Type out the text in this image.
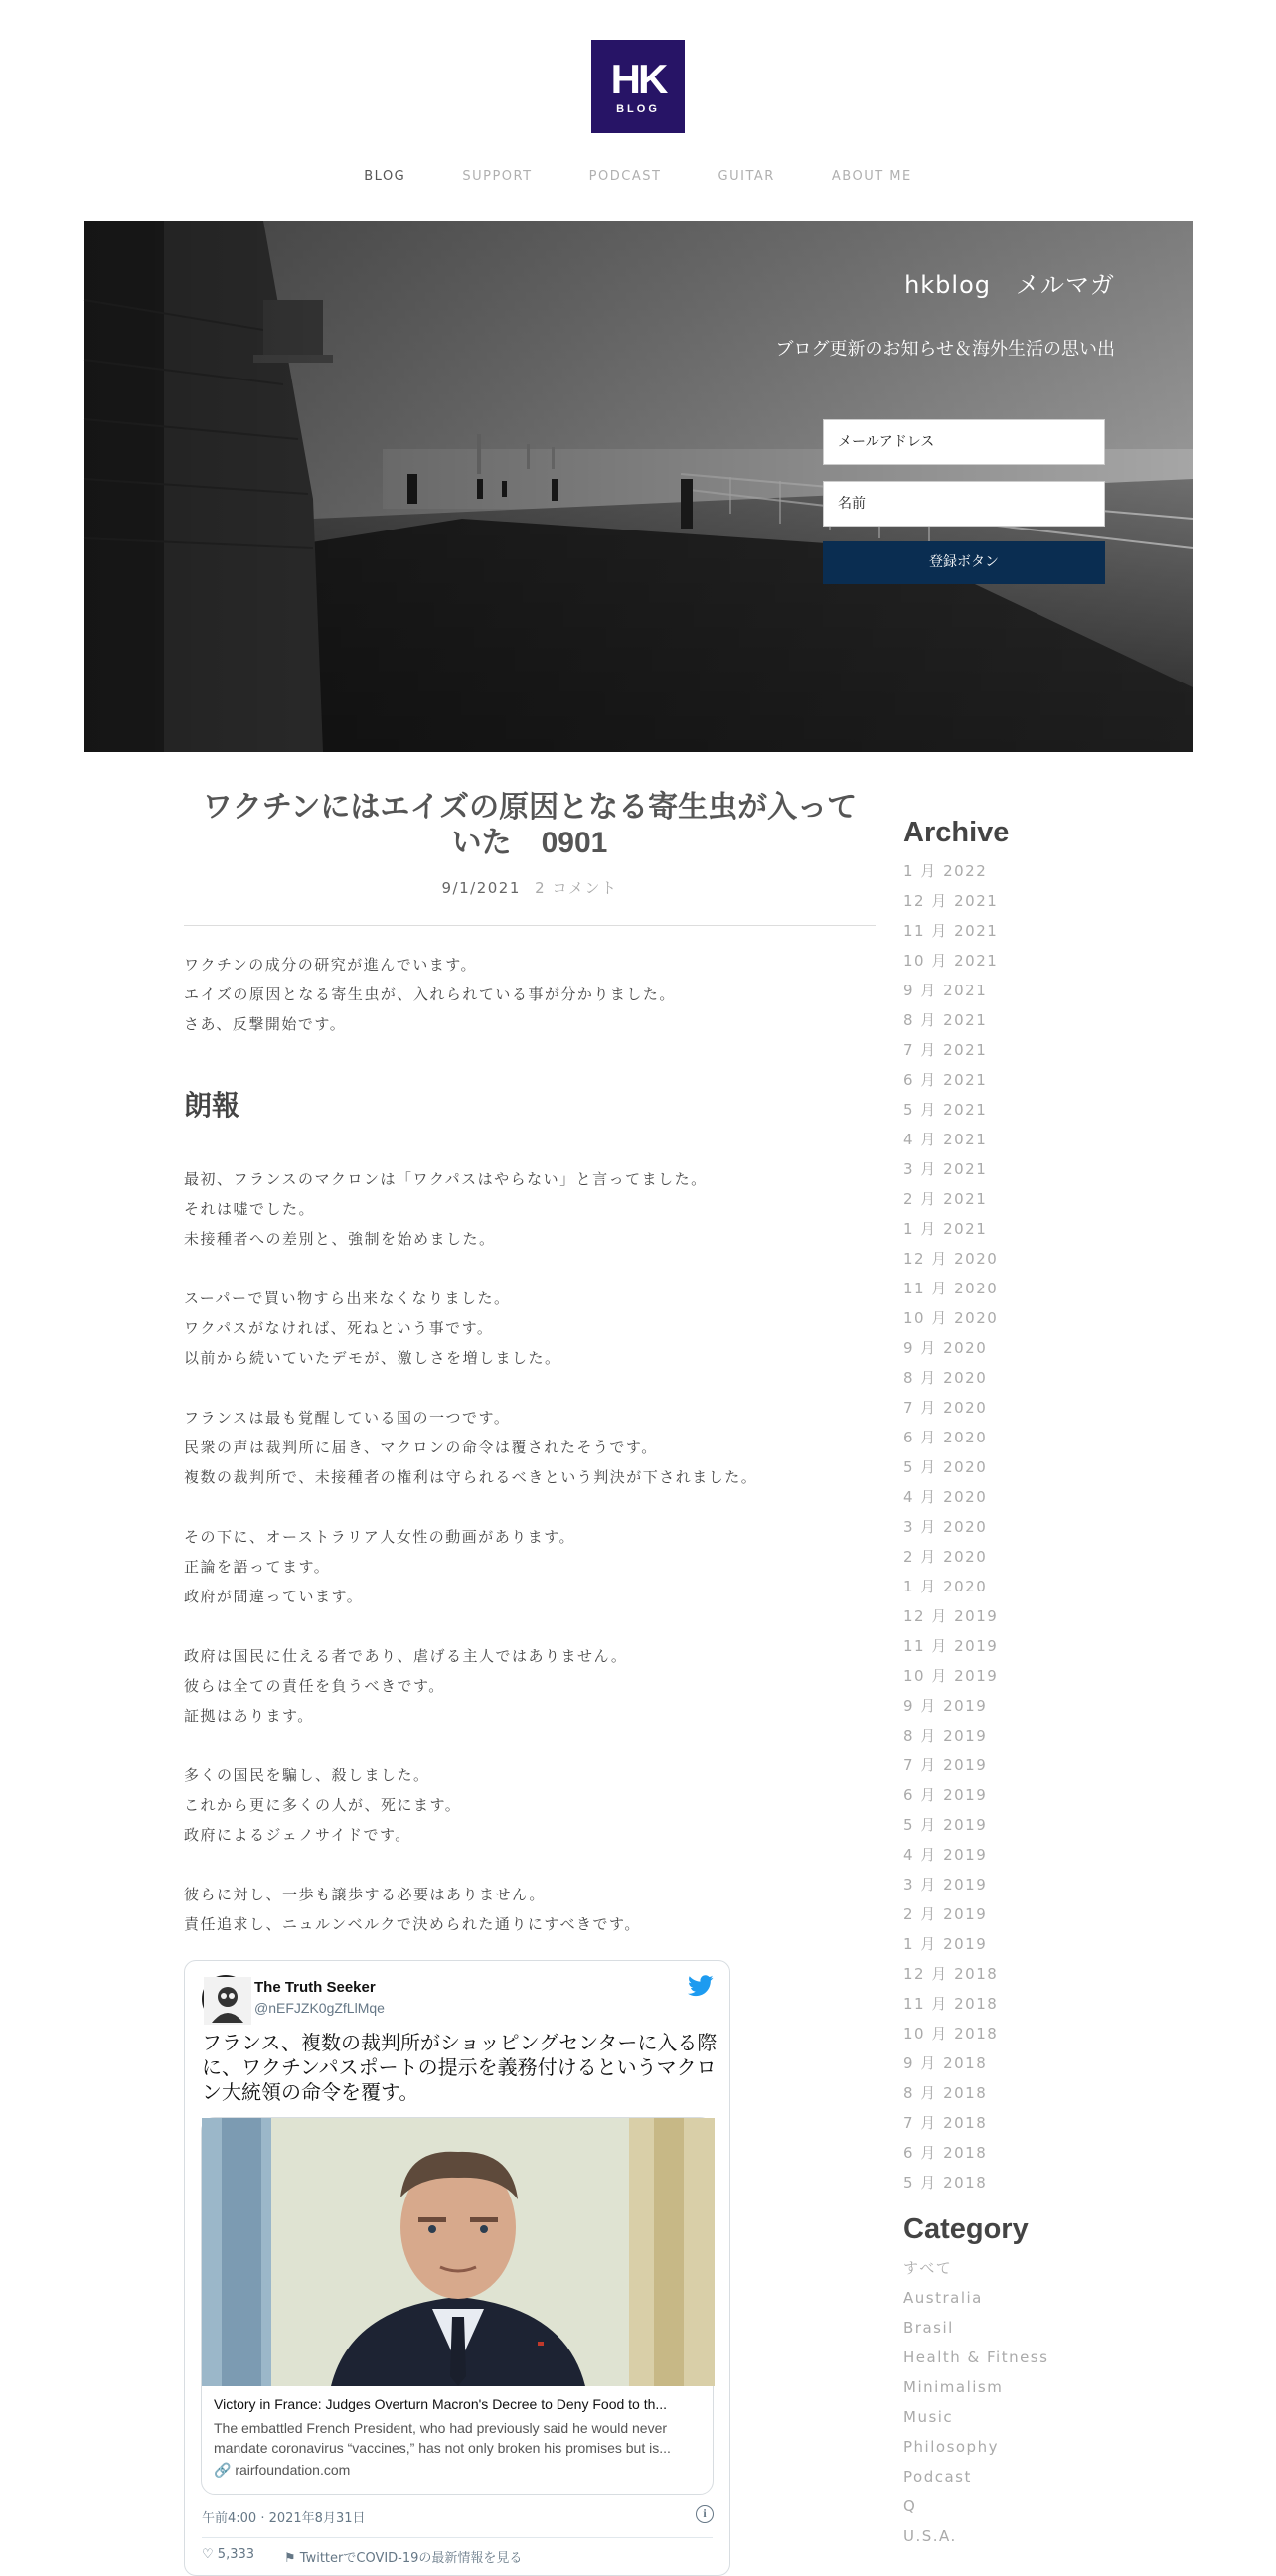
HK
BLOG
BLOG	SUPPORT	PODCAST	GUITAR	ABOUT ME
hkblog　メルマガ
ブログ更新のお知らせ＆海外生活の思い出
メールアドレス
名前
登録ボタン
ワクチンにはエイズの原因となる寄生虫が入っていた　0901
9/1/2021 2 コメント
ワクチンの成分の研究が進んでいます。
エイズの原因となる寄生虫が、入れられている事が分かりました。
さあ、反撃開始です。
朗報
最初、フランスのマクロンは「ワクパスはやらない」と言ってました。
それは嘘でした。
未接種者への差別と、強制を始めました。
スーパーで買い物すら出来なくなりました。
ワクパスがなければ、死ねという事です。
以前から続いていたデモが、激しさを増しました。
フランスは最も覚醒している国の一つです。
民衆の声は裁判所に届き、マクロンの命令は覆されたそうです。
複数の裁判所で、未接種者の権利は守られるべきという判決が下されました。
その下に、オーストラリア人女性の動画があります。
正論を語ってます。
政府が間違っています。
政府は国民に仕える者であり、虐げる主人ではありません。
彼らは全ての責任を負うべきです。
証拠はあります。
多くの国民を騙し、殺しました。
これから更に多くの人が、死にます。
政府によるジェノサイドです。
彼らに対し、一歩も譲歩する必要はありません。
責任追求し、ニュルンベルクで決められた通りにすべきです。
The Truth Seeker
@nEFJZK0gZfLlMqe
フランス、複数の裁判所がショッピングセンターに入る際に、ワクチンパスポートの提示を義務付けるというマクロン大統領の命令を覆す。
Victory in France: Judges Overturn Macron's Decree to Deny Food to th...
The embattled French President, who had previously said he would never mandate coronavirus “vaccines,” has not only broken his promises but is...
🔗 rairfoundation.com
午前4:00 · 2021年8月31日	i
♡ 5,333 ⚑ TwitterでCOVID-19の最新情報を見る
Archive
1 月 2022
12 月 2021
11 月 2021
10 月 2021
9 月 2021
8 月 2021
7 月 2021
6 月 2021
5 月 2021
4 月 2021
3 月 2021
2 月 2021
1 月 2021
12 月 2020
11 月 2020
10 月 2020
9 月 2020
8 月 2020
7 月 2020
6 月 2020
5 月 2020
4 月 2020
3 月 2020
2 月 2020
1 月 2020
12 月 2019
11 月 2019
10 月 2019
9 月 2019
8 月 2019
7 月 2019
6 月 2019
5 月 2019
4 月 2019
3 月 2019
2 月 2019
1 月 2019
12 月 2018
11 月 2018
10 月 2018
9 月 2018
8 月 2018
7 月 2018
6 月 2018
5 月 2018
Category
すべて
Australia
Brasil
Health & Fitness
Minimalism
Music
Philosophy
Podcast
Q
U.S.A.
